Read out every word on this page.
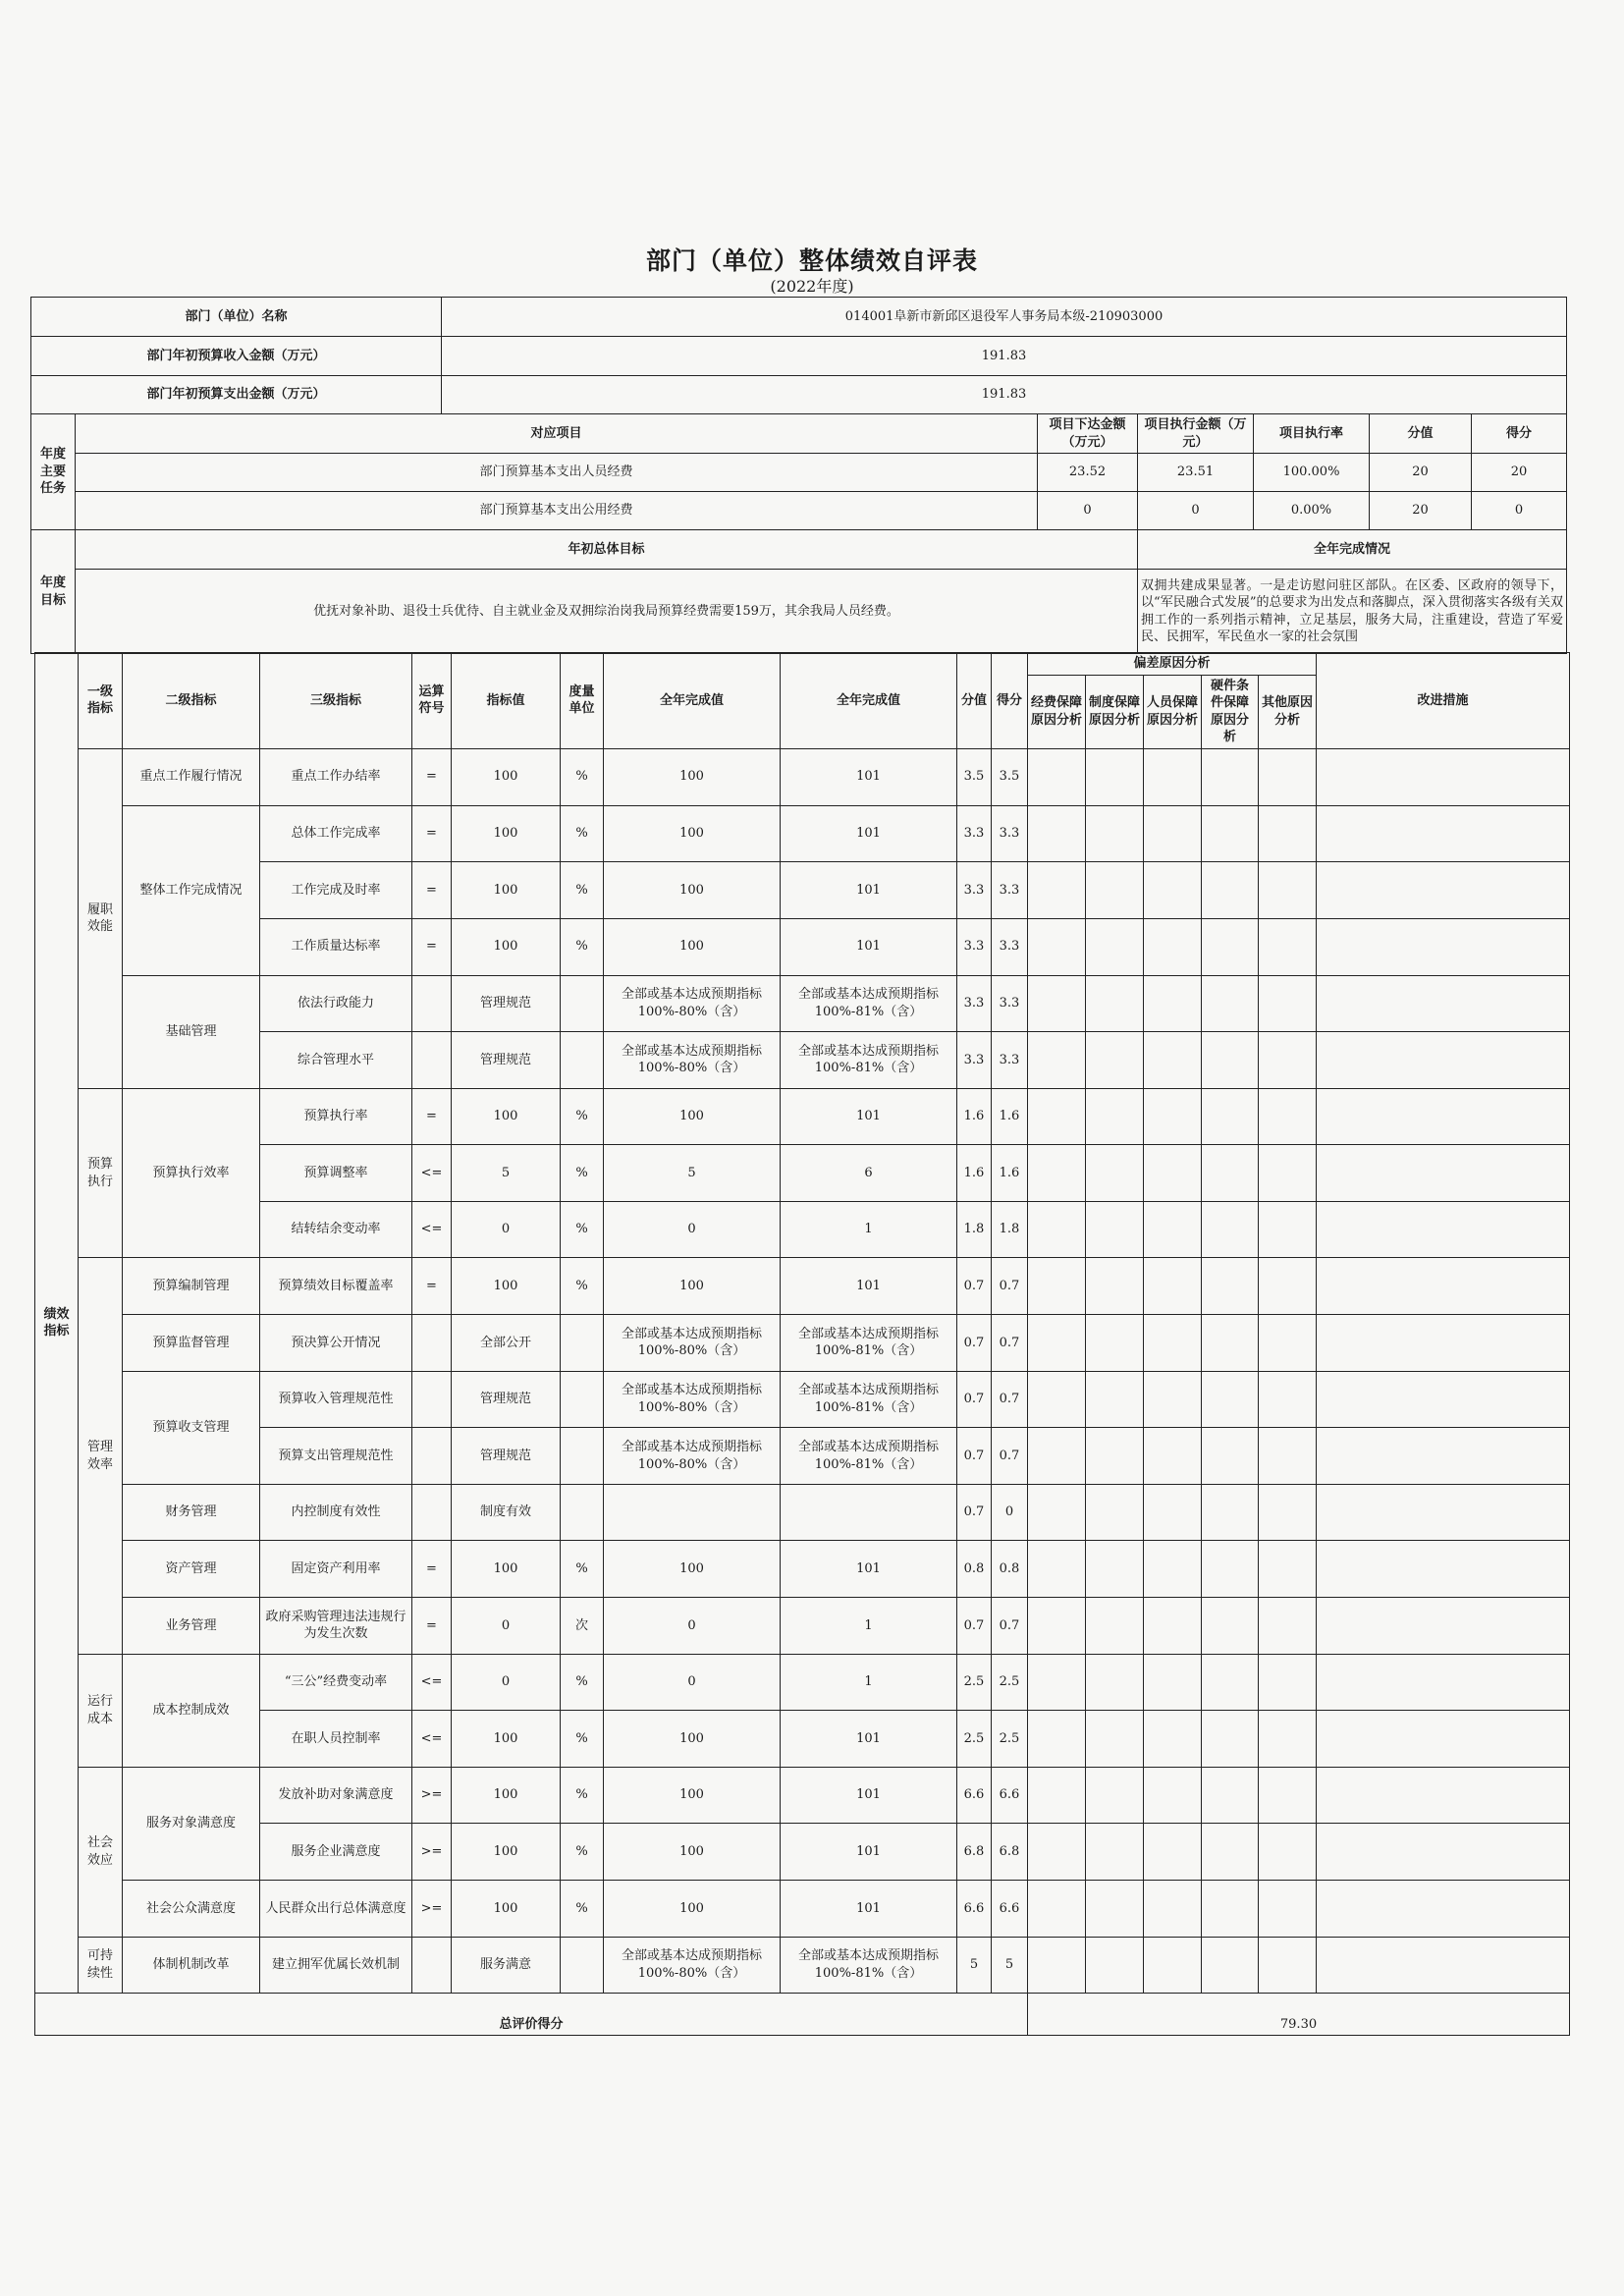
部门（单位）整体绩效自评表
(2022年度)
部门（单位）名称		014001阜新市新邱区退役军人事务局本级-210903000					
部门年初预算收入金额（万元）		191.83					
部门年初预算支出金额（万元）		191.83					
年度主要任务	对应项目		项目下达金额（万元）	项目执行金额（万元）	项目执行率	分值	得分
	部门预算基本支出人员经费		23.52	23.51	100.00%	20	20
	部门预算基本支出公用经费		0	0	0.00%	20	0
年度目标	年初总体目标			全年完成情况			
	优抚对象补助、退役士兵优待、自主就业金及双拥综治岗我局预算经费需要159万，其余我局人员经费。			双拥共建成果显著。一是走访慰问驻区部队。在区委、区政府的领导下，以“军民融合式发展”的总要求为出发点和落脚点，深入贯彻落实各级有关双拥工作的一系列指示精神，立足基层，服务大局，注重建设，营造了军爱民、民拥军，军民鱼水一家的社会氛围			
绩效指标	一级指标	二级指标	三级指标	运算符号	指标值	度量单位	全年完成值	全年完成值	分值	得分	偏差原因分析					改进措施
											经费保障原因分析	制度保障原因分析	人员保障原因分析	硬件条件保障原因分析	其他原因分析	
	履职效能	重点工作履行情况	重点工作办结率	=	100	%	100	101	3.5	3.5						
		整体工作完成情况	总体工作完成率	=	100	%	100	101	3.3	3.3						
			工作完成及时率	=	100	%	100	101	3.3	3.3						
			工作质量达标率	=	100	%	100	101	3.3	3.3						
		基础管理	依法行政能力		管理规范		全部或基本达成预期指标100%-80%（含）	全部或基本达成预期指标100%-81%（含）	3.3	3.3						
			综合管理水平		管理规范		全部或基本达成预期指标100%-80%（含）	全部或基本达成预期指标100%-81%（含）	3.3	3.3						
	预算执行	预算执行效率	预算执行率	=	100	%	100	101	1.6	1.6						
			预算调整率	<=	5	%	5	6	1.6	1.6						
			结转结余变动率	<=	0	%	0	1	1.8	1.8						
	管理效率	预算编制管理	预算绩效目标覆盖率	=	100	%	100	101	0.7	0.7						
		预算监督管理	预决算公开情况		全部公开		全部或基本达成预期指标100%-80%（含）	全部或基本达成预期指标100%-81%（含）	0.7	0.7						
		预算收支管理	预算收入管理规范性		管理规范		全部或基本达成预期指标100%-80%（含）	全部或基本达成预期指标100%-81%（含）	0.7	0.7						
			预算支出管理规范性		管理规范		全部或基本达成预期指标100%-80%（含）	全部或基本达成预期指标100%-81%（含）	0.7	0.7						
		财务管理	内控制度有效性		制度有效				0.7	0						
		资产管理	固定资产利用率	=	100	%	100	101	0.8	0.8						
		业务管理	政府采购管理违法违规行为发生次数	=	0	次	0	1	0.7	0.7						
	运行成本	成本控制成效	“三公”经费变动率	<=	0	%	0	1	2.5	2.5						
			在职人员控制率	<=	100	%	100	101	2.5	2.5						
	社会效应	服务对象满意度	发放补助对象满意度	>=	100	%	100	101	6.6	6.6						
			服务企业满意度	>=	100	%	100	101	6.8	6.8						
		社会公众满意度	人民群众出行总体满意度	>=	100	%	100	101	6.6	6.6						
	可持续性	体制机制改革	建立拥军优属长效机制		服务满意		全部或基本达成预期指标100%-80%（含）	全部或基本达成预期指标100%-81%（含）	5	5						
总评价得分											79.30					
